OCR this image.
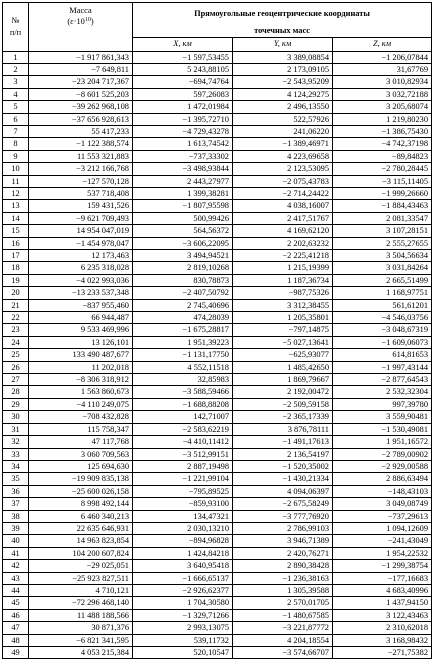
№
п/п	Масса
$(\varepsilon\cdot 10^{10})$	Прямоугольные геоцентрические координаты		
		точечных масс		
		X, км	Y, км	Z, км
1	−1 917 861,343	−1 597,53455	3 389,08854	−1 206,07844
2	−7 649,811	5 243,88105	2 173,09105	31,67769
3	−23 204 717,367	−694,74764	−2 543,95209	3 010,82934
4	−8 601 525,203	597,26083	4 124,29275	3 032,72188
5	−39 262 968,108	1 472,01984	2 496,13550	3 205,68074
6	−37 656 928,613	−1 395,72710	522,57926	1 219,80230
7	55 417,233	−4 729,43278	241,06220	−1 386,75430
8	−1 122 388,574	1 613,74542	−1 389,46971	−4 742,37198
9	11 553 321,883	−737,33302	4 223,69658	−89,84823
10	−3 212 166,768	−3 498,93844	2 123,53095	−2 780,28445
11	−127 570,128	2 443,27977	−2 075,43783	−3 115,11405
12	537 718,408	1 399,38281	−2 714,24422	−1 999,26660
13	159 431,526	−1 807,95598	4 038,16007	−1 884,43463
14	−9 621 709,493	500,99426	2 417,51767	2 081,33547
15	14 954 047,019	564,56372	4 169,62120	3 107,28151
16	−1 454 978,047	−3 606,22095	2 202,63232	2 555,27655
17	12 173,463	3 494,94521	−2 225,41218	3 504,56634
18	6 235 318,028	2 819,10268	1 215,19399	3 031,84264
19	−4 022 993,036	830,78873	1 187,36734	2 665,51499
20	−13 233 537,348	−2 407,50792	−987,75326	1 168,97751
21	−837 955,460	2 745,40696	3 312,38455	561,61201
22	66 944,487	474,28039	1 205,35801	−4 546,03756
23	9 533 469,996	−1 675,28817	−797,14875	−3 048,67319
24	13 126,101	1 951,39223	−5 027,13641	−1 609,06073
25	133 490 487,677	−1 131,17750	−625,93077	614,81653
26	11 202,018	4 552,11518	1 485,42650	−1 997,43144
27	−8 306 318,912	32,85983	1 869,79667	−2 877,64543
28	1 563 860,673	−3 588,59466	2 192,00472	2 532,32304
29	−4 110 249,075	−1 688,88208	−2 509,59158	997,39780
30	−708 432,828	142,71007	−2 365,17339	3 559,90481
31	115 758,347	−2 583,62219	3 876,78111	−1 530,49081
32	47 117,768	−4 410,11412	−1 491,17613	1 951,16572
33	3 060 709,563	−3 512,99151	2 136,54197	−2 789,00902
34	125 694,630	2 887,19498	−1 520,35002	−2 929,00588
35	−19 909 835,138	−1 221,99104	−1 430,21334	2 886,63494
36	−25 600 026,158	−795,89525	4 094,06397	−148,43103
37	8 998 492,144	−859,93100	−2 675,58249	3 049,08749
38	6 460 340,213	134,47321	−3 777,76920	−737,29613
39	22 635 646,931	2 030,13210	2 786,99103	1 094,12609
40	14 963 823,854	−894,96828	3 946,71389	−241,43049
41	104 200 607,824	1 424,84218	2 420,76271	1 954,22532
42	−29 025,051	3 640,95418	2 890,38428	−1 299,38754
43	−25 923 827,511	−1 666,65137	−1 236,38163	−177,16683
44	4 710,121	−2 926,62377	1 305,39588	4 683,40996
45	−72 296 468,140	1 704,30580	2 570,01705	1 437,94150
46	11 488 188,566	−1 329,71266	−1 480,67585	3 122,43463
47	30 871,376	2 993,13075	−3 221,87772	2 310,62018
48	−6 821 341,595	539,11732	4 204,18554	3 168,98432
49	4 053 215,384	520,10547	−3 574,66707	−271,75382
